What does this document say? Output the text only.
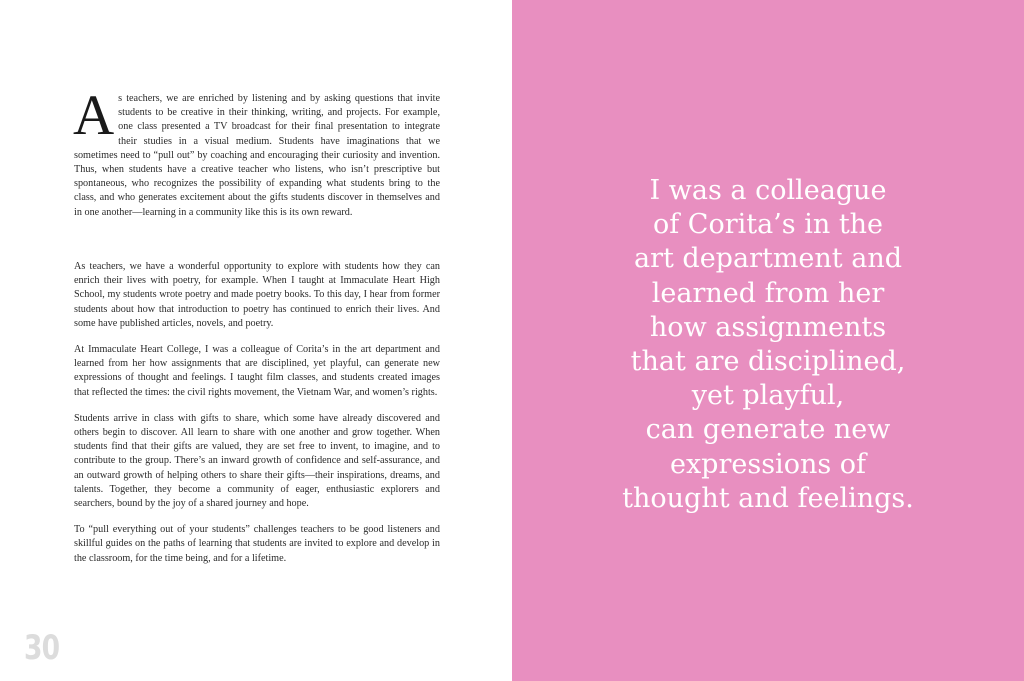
As teachers, we are enriched by listening and by asking questions that invite students to be creative in their thinking, writing, and projects. For example, one class presented a TV broadcast for their final presentation to integrate their studies in a visual medium. Students have imaginations that we sometimes need to “pull out” by coaching and encouraging their curiosity and invention. Thus, when students have a creative teacher who listens, who isn’t prescriptive but spontaneous, who recognizes the possibility of expanding what students bring to the class, and who generates excitement about the gifts students discover in themselves and in one another—learning in a community like this is its own reward.

As teachers, we have a wonderful opportunity to explore with students how they can enrich their lives with poetry, for example. When I taught at Immaculate Heart High School, my students wrote poetry and made poetry books. To this day, I hear from former students about how that introduction to poetry has continued to enrich their lives. And some have published articles, novels, and poetry.

At Immaculate Heart College, I was a colleague of Corita’s in the art department and learned from her how assignments that are disciplined, yet playful, can generate new expressions of thought and feelings. I taught film classes, and students created images that reflected the times: the civil rights movement, the Vietnam War, and women’s rights.

Students arrive in class with gifts to share, which some have already discovered and others begin to discover. All learn to share with one another and grow together. When students find that their gifts are valued, they are set free to invent, to imagine, and to contribute to the group. There’s an inward growth of confidence and self-assurance, and an outward growth of helping others to share their gifts—their inspirations, dreams, and talents. Together, they become a community of eager, enthusiastic explorers and searchers, bound by the joy of a shared journey and hope.

To “pull everything out of your students” challenges teachers to be good listeners and skillful guides on the paths of learning that students are invited to explore and develop in the classroom, for the time being, and for a lifetime.

30
I was a colleague
of Corita’s in the
art department and
learned from her
how assignments
that are disciplined,
yet playful,
can generate new
expressions of
thought and feelings.
